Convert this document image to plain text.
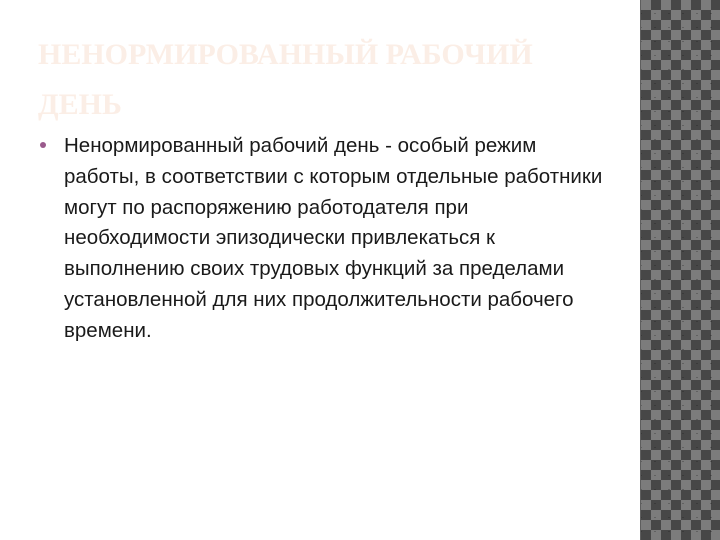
НЕНОРМИРОВАННЫЙ РАБОЧИЙ ДЕНЬ

Ненормированный рабочий день - особый режим работы, в соответствии с которым отдельные работники могут по распоряжению работодателя при необходимости эпизодически привлекаться к выполнению своих трудовых функций за пределами установленной для них продолжительности рабочего времени.
